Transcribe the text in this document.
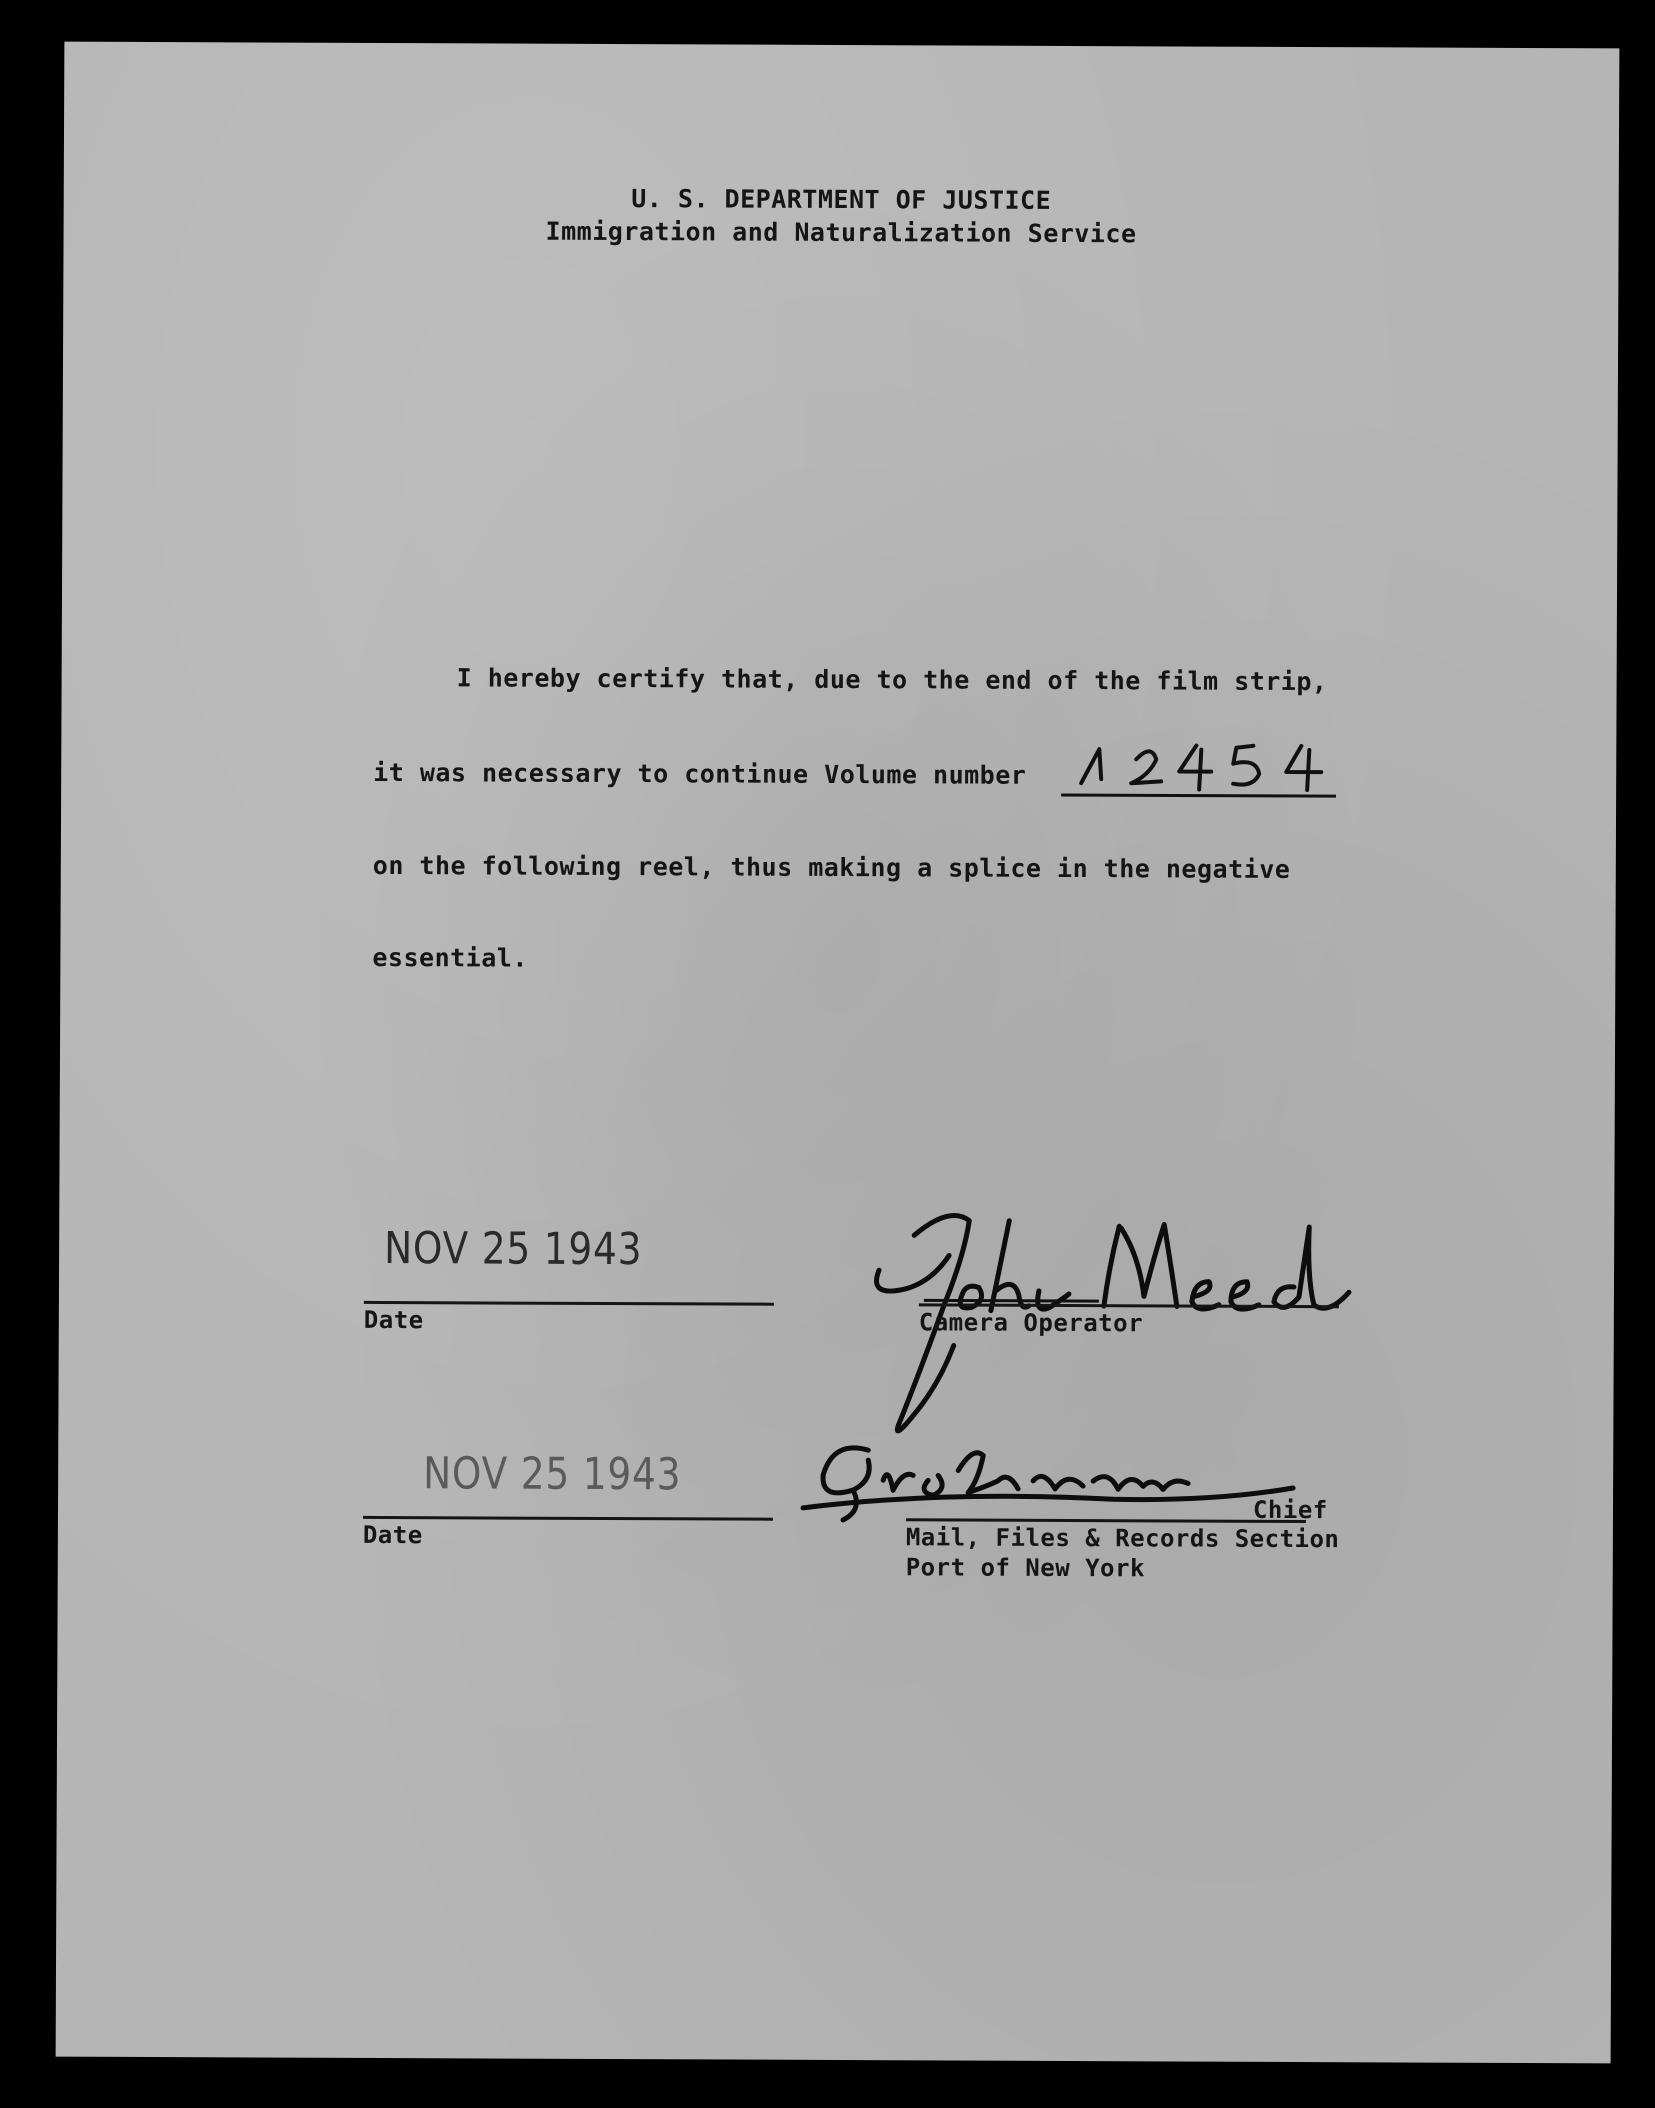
U. S. DEPARTMENT OF JUSTICE
Immigration and Naturalization Service
I hereby certify that, due to the end of the film strip,
it was necessary to continue Volume number
12454
on the following reel, thus making a splice in the negative
essential.
NOV 25 1943
Date	Camera Operator
NOV 25 1943
Date
Chief
Mail, Files & Records Section
Port of New York
